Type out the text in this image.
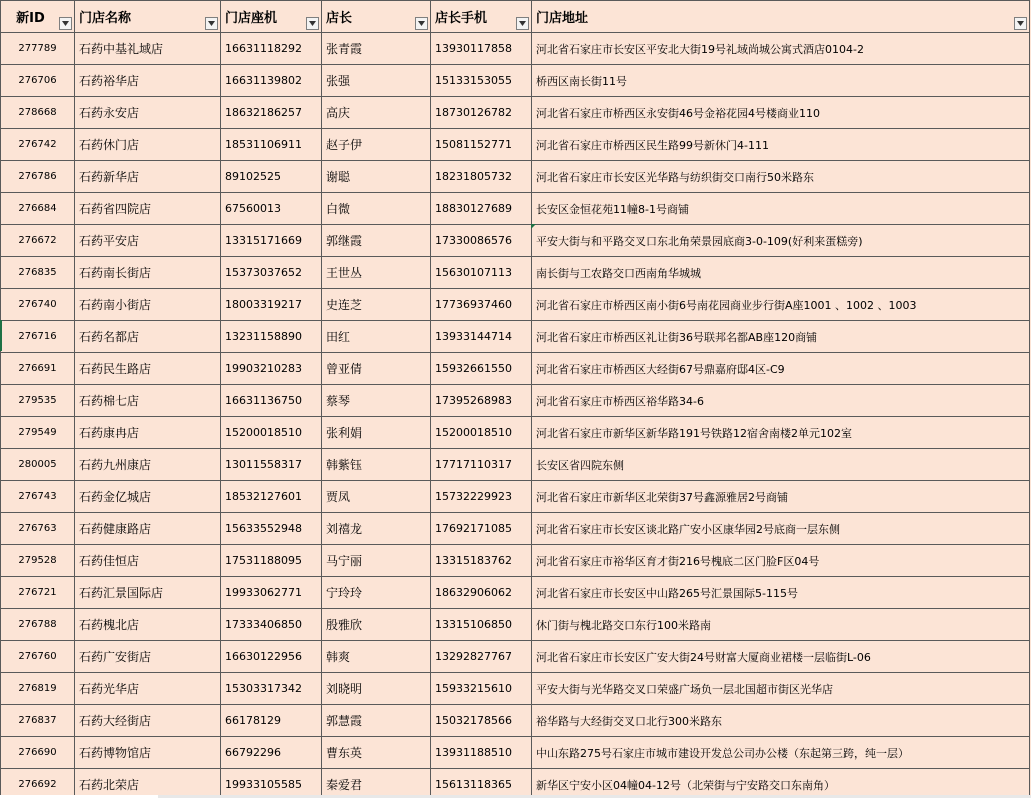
新ID	门店名称	门店座机	店长	店长手机	门店地址

277789	石药中基礼域店	16631118292	张青霞	13930117858	河北省石家庄市长安区平安北大街19号礼域尚城公寓式酒店0104-2
276706	石药裕华店	16631139802	张强	15133153055	桥西区南长街11号
278668	石药永安店	18632186257	高庆	18730126782	河北省石家庄市桥西区永安街46号金裕花园4号楼商业110
276742	石药休门店	18531106911	赵子伊	15081152771	河北省石家庄市桥西区民生路99号新休门4-111
276786	石药新华店	89102525	谢聪	18231805732	河北省石家庄市长安区光华路与纺织街交口南行50米路东
276684	石药省四院店	67560013	白微	18830127689	长安区金恒花苑11幢8-1号商铺
276672	石药平安店	13315171669	郭继霞	17330086576	平安大街与和平路交叉口东北角荣景园底商3-0-109(好利来蛋糕旁)
276835	石药南长街店	15373037652	王世丛	15630107113	南长街与工农路交口西南角华城城
276740	石药南小街店	18003319217	史连芝	17736937460	河北省石家庄市桥西区南小街6号南花园商业步行街A座1001 、1002 、1003
276716	石药名都店	13231158890	田红	13933144714	河北省石家庄市桥西区礼让街36号联邦名都AB座120商铺
276691	石药民生路店	19903210283	曾亚倩	15932661550	河北省石家庄市桥西区大经街67号鼎嘉府邸4区-C9
279535	石药棉七店	16631136750	蔡琴	17395268983	河北省石家庄市桥西区裕华路34-6
279549	石药康冉店	15200018510	张利娟	15200018510	河北省石家庄市新华区新华路191号铁路12宿舍南楼2单元102室
280005	石药九州康店	13011558317	韩紫钰	17717110317	长安区省四院东侧
276743	石药金亿城店	18532127601	贾凤	15732229923	河北省石家庄市新华区北荣街37号鑫源雅居2号商铺
276763	石药健康路店	15633552948	刘禧龙	17692171085	河北省石家庄市长安区谈北路广安小区康华园2号底商一层东侧
279528	石药佳恒店	17531188095	马宁丽	13315183762	河北省石家庄市裕华区育才街216号槐底二区门脸F区04号
276721	石药汇景国际店	19933062771	宁玲玲	18632906062	河北省石家庄市长安区中山路265号汇景国际5-115号
276788	石药槐北店	17333406850	殷雅欣	13315106850	休门街与槐北路交口东行100米路南
276760	石药广安街店	16630122956	韩爽	13292827767	河北省石家庄市长安区广安大街24号财富大厦商业裙楼一层临街L-06
276819	石药光华店	15303317342	刘晓明	15933215610	平安大街与光华路交叉口荣盛广场负一层北国超市街区光华店
276837	石药大经街店	66178129	郭慧霞	15032178566	裕华路与大经街交叉口北行300米路东
276690	石药博物馆店	66792296	曹东英	13931188510	中山东路275号石家庄市城市建设开发总公司办公楼（东起第三跨，纯一层）
276692	石药北荣店	19933105585	秦爱君	15613118365	新华区宁安小区04幢04-12号（北荣街与宁安路交口东南角）
